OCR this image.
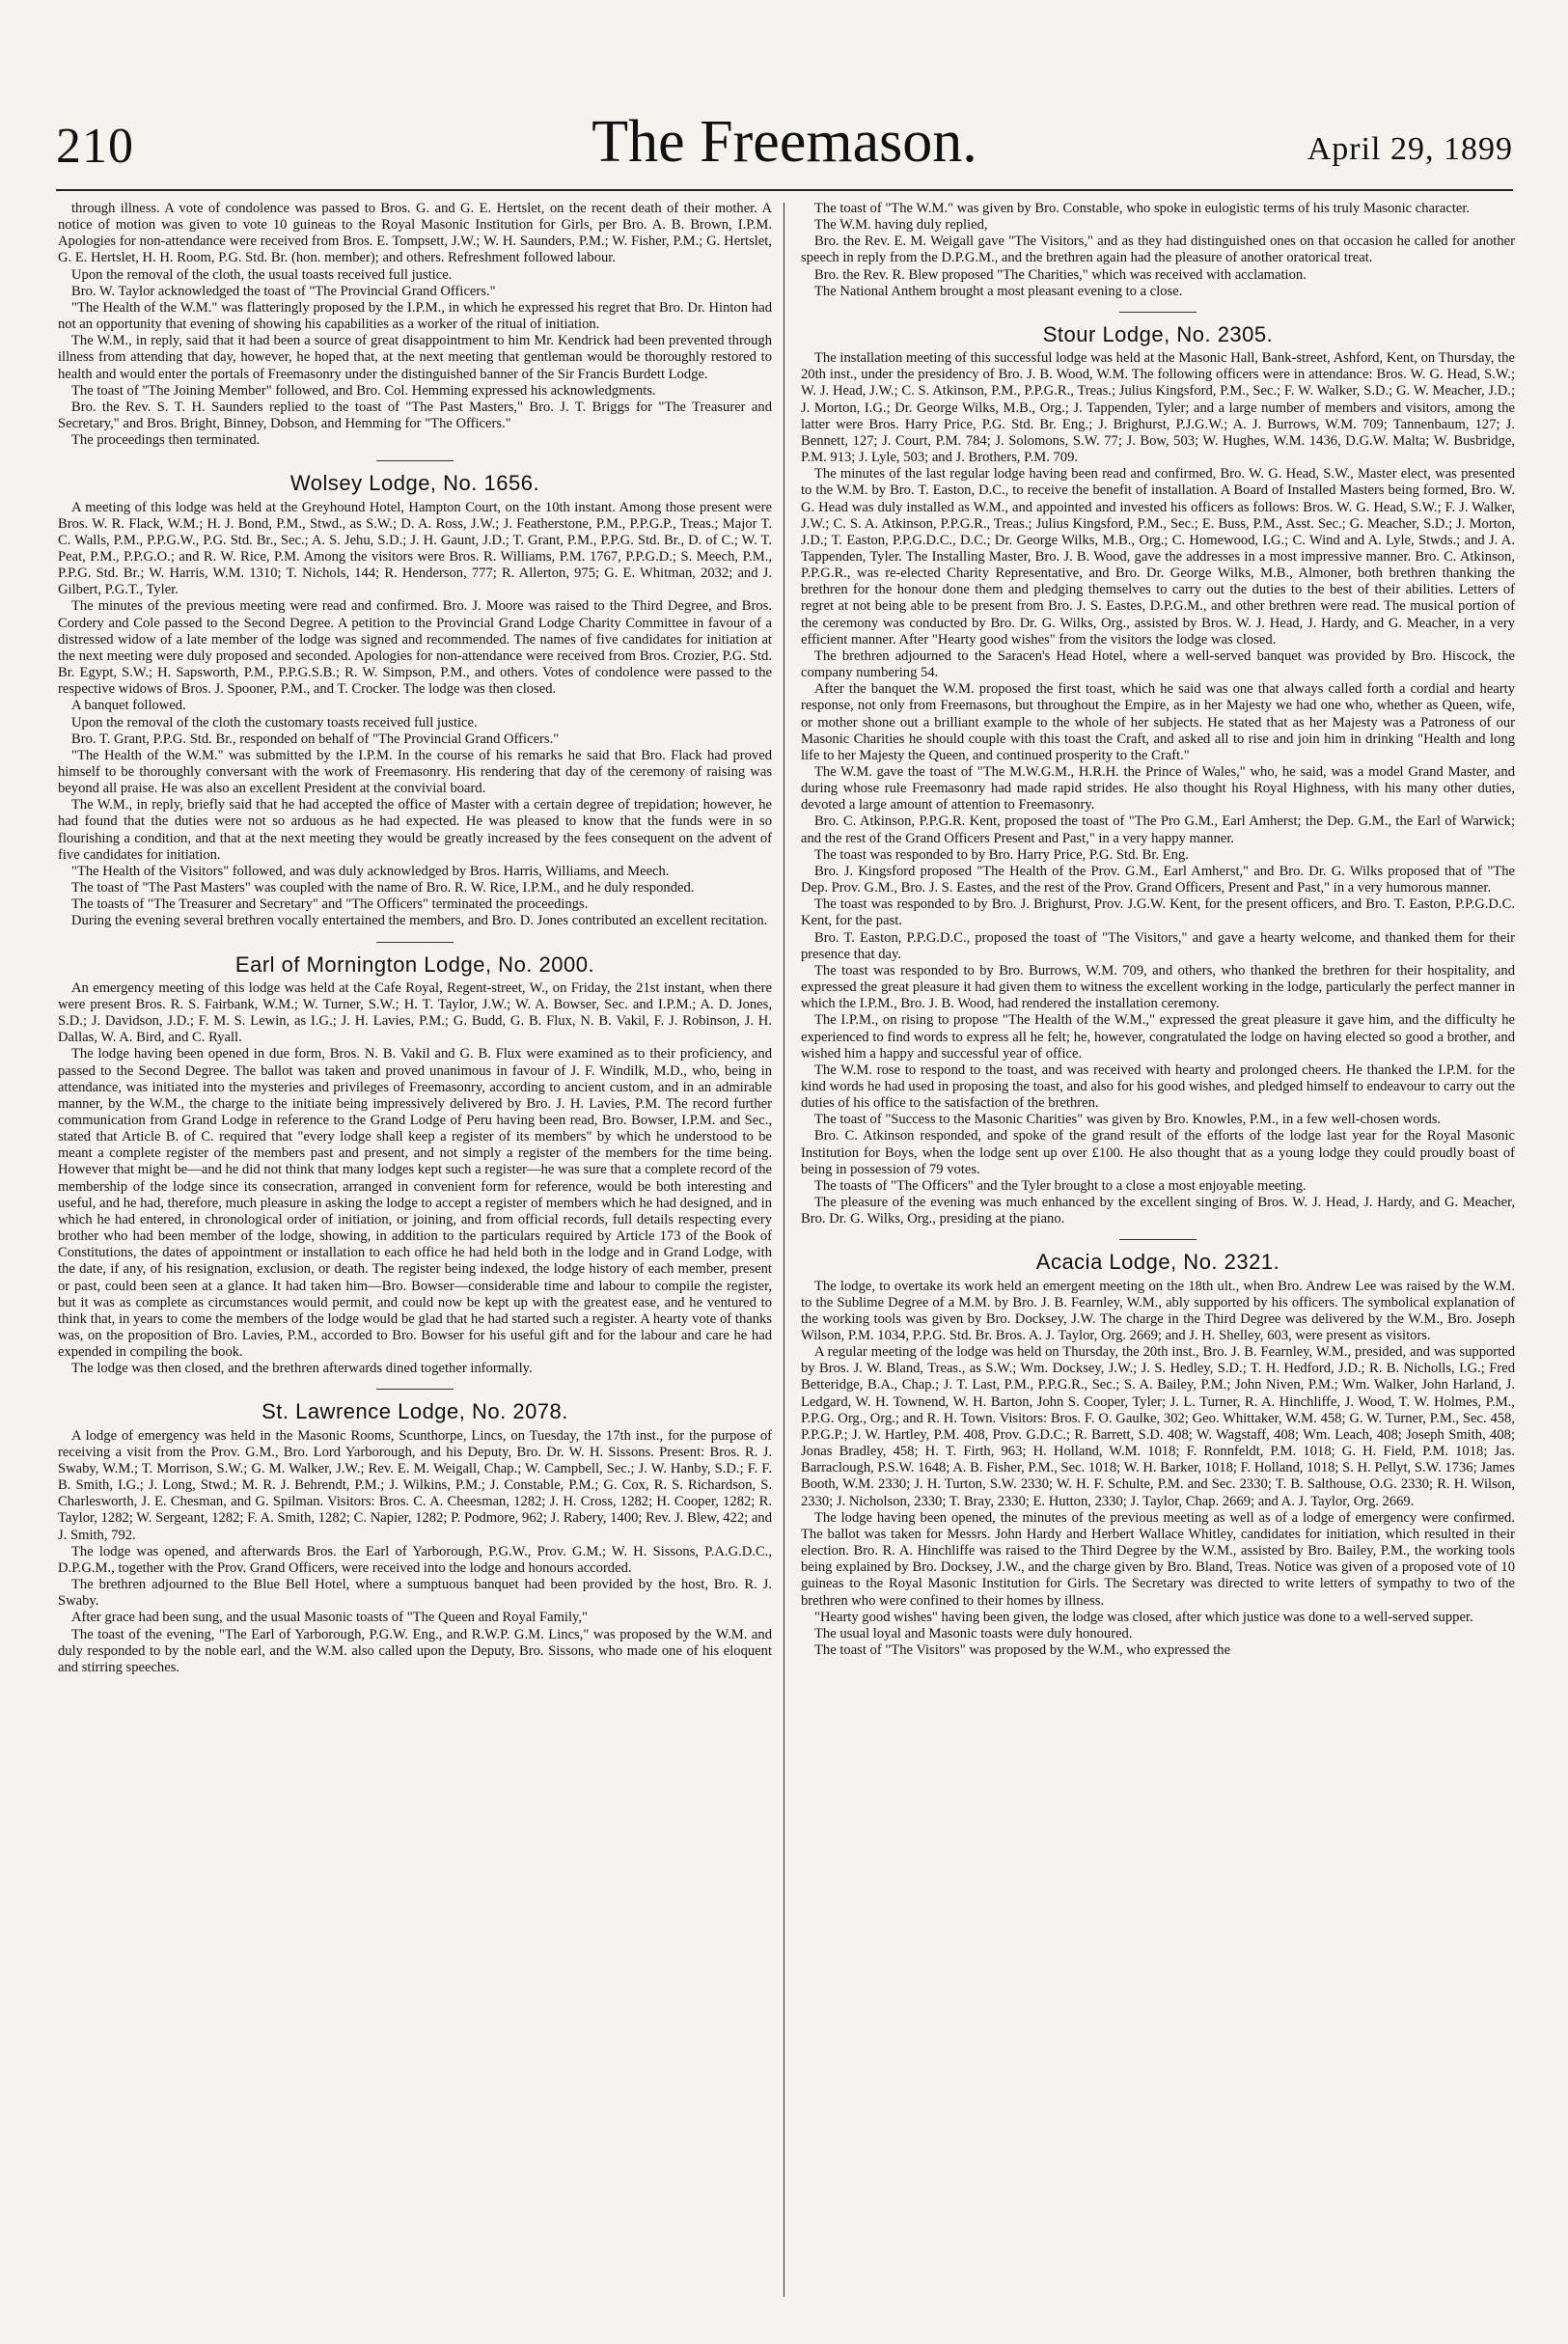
210	The Freemason.	April 29, 1899

through illness. A vote of condolence was passed to Bros. G. and G. E. Hertslet, on the recent death of their mother. A notice of motion was given to vote 10 guineas to the Royal Masonic Institution for Girls, per Bro. A. B. Brown, I.P.M. Apologies for non-attendance were received from Bros. E. Tompsett, J.W.; W. H. Saunders, P.M.; W. Fisher, P.M.; G. Hertslet, G. E. Hertslet, H. H. Room, P.G. Std. Br. (hon. member); and others. Refreshment followed labour.

Upon the removal of the cloth, the usual toasts received full justice.

Bro. W. Taylor acknowledged the toast of "The Provincial Grand Officers."

"The Health of the W.M." was flatteringly proposed by the I.P.M., in which he expressed his regret that Bro. Dr. Hinton had not an opportunity that evening of showing his capabilities as a worker of the ritual of initiation.

The W.M., in reply, said that it had been a source of great disappointment to him Mr. Kendrick had been prevented through illness from attending that day, however, he hoped that, at the next meeting that gentleman would be thoroughly restored to health and would enter the portals of Freemasonry under the distinguished banner of the Sir Francis Burdett Lodge.

The toast of "The Joining Member" followed, and Bro. Col. Hemming expressed his acknowledgments.

Bro. the Rev. S. T. H. Saunders replied to the toast of "The Past Masters," Bro. J. T. Briggs for "The Treasurer and Secretary," and Bros. Bright, Binney, Dobson, and Hemming for "The Officers."

The proceedings then terminated.

Wolsey Lodge, No. 1656.

A meeting of this lodge was held at the Greyhound Hotel, Hampton Court, on the 10th instant. Among those present were Bros. W. R. Flack, W.M.; H. J. Bond, P.M., Stwd., as S.W.; D. A. Ross, J.W.; J. Featherstone, P.M., P.P.G.P., Treas.; Major T. C. Walls, P.M., P.P.G.W., P.G. Std. Br., Sec.; A. S. Jehu, S.D.; J. H. Gaunt, J.D.; T. Grant, P.M., P.P.G. Std. Br., D. of C.; W. T. Peat, P.M., P.P.G.O.; and R. W. Rice, P.M. Among the visitors were Bros. R. Williams, P.M. 1767, P.P.G.D.; S. Meech, P.M., P.P.G. Std. Br.; W. Harris, W.M. 1310; T. Nichols, 144; R. Henderson, 777; R. Allerton, 975; G. E. Whitman, 2032; and J. Gilbert, P.G.T., Tyler.

The minutes of the previous meeting were read and confirmed. Bro. J. Moore was raised to the Third Degree, and Bros. Cordery and Cole passed to the Second Degree. A petition to the Provincial Grand Lodge Charity Committee in favour of a distressed widow of a late member of the lodge was signed and recommended. The names of five candidates for initiation at the next meeting were duly proposed and seconded. Apologies for non-attendance were received from Bros. Crozier, P.G. Std. Br. Egypt, S.W.; H. Sapsworth, P.M., P.P.G.S.B.; R. W. Simpson, P.M., and others. Votes of condolence were passed to the respective widows of Bros. J. Spooner, P.M., and T. Crocker. The lodge was then closed.

A banquet followed.

Upon the removal of the cloth the customary toasts received full justice.

Bro. T. Grant, P.P.G. Std. Br., responded on behalf of "The Provincial Grand Officers."

"The Health of the W.M." was submitted by the I.P.M. In the course of his remarks he said that Bro. Flack had proved himself to be thoroughly conversant with the work of Freemasonry. His rendering that day of the ceremony of raising was beyond all praise. He was also an excellent President at the convivial board.

The W.M., in reply, briefly said that he had accepted the office of Master with a certain degree of trepidation; however, he had found that the duties were not so arduous as he had expected. He was pleased to know that the funds were in so flourishing a condition, and that at the next meeting they would be greatly increased by the fees consequent on the advent of five candidates for initiation.

"The Health of the Visitors" followed, and was duly acknowledged by Bros. Harris, Williams, and Meech.

The toast of "The Past Masters" was coupled with the name of Bro. R. W. Rice, I.P.M., and he duly responded.

The toasts of "The Treasurer and Secretary" and "The Officers" terminated the proceedings.

During the evening several brethren vocally entertained the members, and Bro. D. Jones contributed an excellent recitation.

Earl of Mornington Lodge, No. 2000.

An emergency meeting of this lodge was held at the Cafe Royal, Regent-street, W., on Friday, the 21st instant, when there were present Bros. R. S. Fairbank, W.M.; W. Turner, S.W.; H. T. Taylor, J.W.; W. A. Bowser, Sec. and I.P.M.; A. D. Jones, S.D.; J. Davidson, J.D.; F. M. S. Lewin, as I.G.; J. H. Lavies, P.M.; G. Budd, G. B. Flux, N. B. Vakil, F. J. Robinson, J. H. Dallas, W. A. Bird, and C. Ryall.

The lodge having been opened in due form, Bros. N. B. Vakil and G. B. Flux were examined as to their proficiency, and passed to the Second Degree. The ballot was taken and proved unanimous in favour of J. F. Windilk, M.D., who, being in attendance, was initiated into the mysteries and privileges of Freemasonry, according to ancient custom, and in an admirable manner, by the W.M., the charge to the initiate being impressively delivered by Bro. J. H. Lavies, P.M. The record further communication from Grand Lodge in reference to the Grand Lodge of Peru having been read, Bro. Bowser, I.P.M. and Sec., stated that Article B. of C. required that "every lodge shall keep a register of its members" by which he understood to be meant a complete register of the members past and present, and not simply a register of the members for the time being. However that might be—and he did not think that many lodges kept such a register—he was sure that a complete record of the membership of the lodge since its consecration, arranged in convenient form for reference, would be both interesting and useful, and he had, therefore, much pleasure in asking the lodge to accept a register of members which he had designed, and in which he had entered, in chronological order of initiation, or joining, and from official records, full details respecting every brother who had been member of the lodge, showing, in addition to the particulars required by Article 173 of the Book of Constitutions, the dates of appointment or installation to each office he had held both in the lodge and in Grand Lodge, with the date, if any, of his resignation, exclusion, or death. The register being indexed, the lodge history of each member, present or past, could been seen at a glance. It had taken him—Bro. Bowser—considerable time and labour to compile the register, but it was as complete as circumstances would permit, and could now be kept up with the greatest ease, and he ventured to think that, in years to come the members of the lodge would be glad that he had started such a register. A hearty vote of thanks was, on the proposition of Bro. Lavies, P.M., accorded to Bro. Bowser for his useful gift and for the labour and care he had expended in compiling the book.

The lodge was then closed, and the brethren afterwards dined together informally.

St. Lawrence Lodge, No. 2078.

A lodge of emergency was held in the Masonic Rooms, Scunthorpe, Lincs, on Tuesday, the 17th inst., for the purpose of receiving a visit from the Prov. G.M., Bro. Lord Yarborough, and his Deputy, Bro. Dr. W. H. Sissons. Present: Bros. R. J. Swaby, W.M.; T. Morrison, S.W.; G. M. Walker, J.W.; Rev. E. M. Weigall, Chap.; W. Campbell, Sec.; J. W. Hanby, S.D.; F. F. B. Smith, I.G.; J. Long, Stwd.; M. R. J. Behrendt, P.M.; J. Wilkins, P.M.; J. Constable, P.M.; G. Cox, R. S. Richardson, S. Charlesworth, J. E. Chesman, and G. Spilman. Visitors: Bros. C. A. Cheesman, 1282; J. H. Cross, 1282; H. Cooper, 1282; R. Taylor, 1282; W. Sergeant, 1282; F. A. Smith, 1282; C. Napier, 1282; P. Podmore, 962; J. Rabery, 1400; Rev. J. Blew, 422; and J. Smith, 792.

The lodge was opened, and afterwards Bros. the Earl of Yarborough, P.G.W., Prov. G.M.; W. H. Sissons, P.A.G.D.C., D.P.G.M., together with the Prov. Grand Officers, were received into the lodge and honours accorded.

The brethren adjourned to the Blue Bell Hotel, where a sumptuous banquet had been provided by the host, Bro. R. J. Swaby.

After grace had been sung, and the usual Masonic toasts of "The Queen and Royal Family,"

The toast of the evening, "The Earl of Yarborough, P.G.W. Eng., and R.W.P. G.M. Lincs," was proposed by the W.M. and duly responded to by the noble earl, and the W.M. also called upon the Deputy, Bro. Sissons, who made one of his eloquent and stirring speeches.

The toast of "The W.M." was given by Bro. Constable, who spoke in eulogistic terms of his truly Masonic character.

The W.M. having duly replied,

Bro. the Rev. E. M. Weigall gave "The Visitors," and as they had distinguished ones on that occasion he called for another speech in reply from the D.P.G.M., and the brethren again had the pleasure of another oratorical treat.

Bro. the Rev. R. Blew proposed "The Charities," which was received with acclamation.

The National Anthem brought a most pleasant evening to a close.

Stour Lodge, No. 2305.

The installation meeting of this successful lodge was held at the Masonic Hall, Bank-street, Ashford, Kent, on Thursday, the 20th inst., under the presidency of Bro. J. B. Wood, W.M. The following officers were in attendance: Bros. W. G. Head, S.W.; W. J. Head, J.W.; C. S. Atkinson, P.M., P.P.G.R., Treas.; Julius Kingsford, P.M., Sec.; F. W. Walker, S.D.; G. W. Meacher, J.D.; J. Morton, I.G.; Dr. George Wilks, M.B., Org.; J. Tappenden, Tyler; and a large number of members and visitors, among the latter were Bros. Harry Price, P.G. Std. Br. Eng.; J. Brighurst, P.J.G.W.; A. J. Burrows, W.M. 709; Tannenbaum, 127; J. Bennett, 127; J. Court, P.M. 784; J. Solomons, S.W. 77; J. Bow, 503; W. Hughes, W.M. 1436, D.G.W. Malta; W. Busbridge, P.M. 913; J. Lyle, 503; and J. Brothers, P.M. 709.

The minutes of the last regular lodge having been read and confirmed, Bro. W. G. Head, S.W., Master elect, was presented to the W.M. by Bro. T. Easton, D.C., to receive the benefit of installation. A Board of Installed Masters being formed, Bro. W. G. Head was duly installed as W.M., and appointed and invested his officers as follows: Bros. W. G. Head, S.W.; F. J. Walker, J.W.; C. S. A. Atkinson, P.P.G.R., Treas.; Julius Kingsford, P.M., Sec.; E. Buss, P.M., Asst. Sec.; G. Meacher, S.D.; J. Morton, J.D.; T. Easton, P.P.G.D.C., D.C.; Dr. George Wilks, M.B., Org.; C. Homewood, I.G.; C. Wind and A. Lyle, Stwds.; and J. A. Tappenden, Tyler. The Installing Master, Bro. J. B. Wood, gave the addresses in a most impressive manner. Bro. C. Atkinson, P.P.G.R., was re-elected Charity Representative, and Bro. Dr. George Wilks, M.B., Almoner, both brethren thanking the brethren for the honour done them and pledging themselves to carry out the duties to the best of their abilities. Letters of regret at not being able to be present from Bro. J. S. Eastes, D.P.G.M., and other brethren were read. The musical portion of the ceremony was conducted by Bro. Dr. G. Wilks, Org., assisted by Bros. W. J. Head, J. Hardy, and G. Meacher, in a very efficient manner. After "Hearty good wishes" from the visitors the lodge was closed.

The brethren adjourned to the Saracen's Head Hotel, where a well-served banquet was provided by Bro. Hiscock, the company numbering 54.

After the banquet the W.M. proposed the first toast, which he said was one that always called forth a cordial and hearty response, not only from Freemasons, but throughout the Empire, as in her Majesty we had one who, whether as Queen, wife, or mother shone out a brilliant example to the whole of her subjects. He stated that as her Majesty was a Patroness of our Masonic Charities he should couple with this toast the Craft, and asked all to rise and join him in drinking "Health and long life to her Majesty the Queen, and continued prosperity to the Craft."

The W.M. gave the toast of "The M.W.G.M., H.R.H. the Prince of Wales," who, he said, was a model Grand Master, and during whose rule Freemasonry had made rapid strides. He also thought his Royal Highness, with his many other duties, devoted a large amount of attention to Freemasonry.

Bro. C. Atkinson, P.P.G.R. Kent, proposed the toast of "The Pro G.M., Earl Amherst; the Dep. G.M., the Earl of Warwick; and the rest of the Grand Officers Present and Past," in a very happy manner.

The toast was responded to by Bro. Harry Price, P.G. Std. Br. Eng.

Bro. J. Kingsford proposed "The Health of the Prov. G.M., Earl Amherst," and Bro. Dr. G. Wilks proposed that of "The Dep. Prov. G.M., Bro. J. S. Eastes, and the rest of the Prov. Grand Officers, Present and Past," in a very humorous manner.

The toast was responded to by Bro. J. Brighurst, Prov. J.G.W. Kent, for the present officers, and Bro. T. Easton, P.P.G.D.C. Kent, for the past.

Bro. T. Easton, P.P.G.D.C., proposed the toast of "The Visitors," and gave a hearty welcome, and thanked them for their presence that day.

The toast was responded to by Bro. Burrows, W.M. 709, and others, who thanked the brethren for their hospitality, and expressed the great pleasure it had given them to witness the excellent working in the lodge, particularly the perfect manner in which the I.P.M., Bro. J. B. Wood, had rendered the installation ceremony.

The I.P.M., on rising to propose "The Health of the W.M.," expressed the great pleasure it gave him, and the difficulty he experienced to find words to express all he felt; he, however, congratulated the lodge on having elected so good a brother, and wished him a happy and successful year of office.

The W.M. rose to respond to the toast, and was received with hearty and prolonged cheers. He thanked the I.P.M. for the kind words he had used in proposing the toast, and also for his good wishes, and pledged himself to endeavour to carry out the duties of his office to the satisfaction of the brethren.

The toast of "Success to the Masonic Charities" was given by Bro. Knowles, P.M., in a few well-chosen words.

Bro. C. Atkinson responded, and spoke of the grand result of the efforts of the lodge last year for the Royal Masonic Institution for Boys, when the lodge sent up over £100. He also thought that as a young lodge they could proudly boast of being in possession of 79 votes.

The toasts of "The Officers" and the Tyler brought to a close a most enjoyable meeting.

The pleasure of the evening was much enhanced by the excellent singing of Bros. W. J. Head, J. Hardy, and G. Meacher, Bro. Dr. G. Wilks, Org., presiding at the piano.

Acacia Lodge, No. 2321.

The lodge, to overtake its work held an emergent meeting on the 18th ult., when Bro. Andrew Lee was raised by the W.M. to the Sublime Degree of a M.M. by Bro. J. B. Fearnley, W.M., ably supported by his officers. The symbolical explanation of the working tools was given by Bro. Docksey, J.W. The charge in the Third Degree was delivered by the W.M., Bro. Joseph Wilson, P.M. 1034, P.P.G. Std. Br. Bros. A. J. Taylor, Org. 2669; and J. H. Shelley, 603, were present as visitors.

A regular meeting of the lodge was held on Thursday, the 20th inst., Bro. J. B. Fearnley, W.M., presided, and was supported by Bros. J. W. Bland, Treas., as S.W.; Wm. Docksey, J.W.; J. S. Hedley, S.D.; T. H. Hedford, J.D.; R. B. Nicholls, I.G.; Fred Betteridge, B.A., Chap.; J. T. Last, P.M., P.P.G.R., Sec.; S. A. Bailey, P.M.; John Niven, P.M.; Wm. Walker, John Harland, J. Ledgard, W. H. Townend, W. H. Barton, John S. Cooper, Tyler; J. L. Turner, R. A. Hinchliffe, J. Wood, T. W. Holmes, P.M., P.P.G. Org., Org.; and R. H. Town. Visitors: Bros. F. O. Gaulke, 302; Geo. Whittaker, W.M. 458; G. W. Turner, P.M., Sec. 458, P.P.G.P.; J. W. Hartley, P.M. 408, Prov. G.D.C.; R. Barrett, S.D. 408; W. Wagstaff, 408; Wm. Leach, 408; Joseph Smith, 408; Jonas Bradley, 458; H. T. Firth, 963; H. Holland, W.M. 1018; F. Ronnfeldt, P.M. 1018; G. H. Field, P.M. 1018; Jas. Barraclough, P.S.W. 1648; A. B. Fisher, P.M., Sec. 1018; W. H. Barker, 1018; F. Holland, 1018; S. H. Pellyt, S.W. 1736; James Booth, W.M. 2330; J. H. Turton, S.W. 2330; W. H. F. Schulte, P.M. and Sec. 2330; T. B. Salthouse, O.G. 2330; R. H. Wilson, 2330; J. Nicholson, 2330; T. Bray, 2330; E. Hutton, 2330; J. Taylor, Chap. 2669; and A. J. Taylor, Org. 2669.

The lodge having been opened, the minutes of the previous meeting as well as of a lodge of emergency were confirmed. The ballot was taken for Messrs. John Hardy and Herbert Wallace Whitley, candidates for initiation, which resulted in their election. Bro. R. A. Hinchliffe was raised to the Third Degree by the W.M., assisted by Bro. Bailey, P.M., the working tools being explained by Bro. Docksey, J.W., and the charge given by Bro. Bland, Treas. Notice was given of a proposed vote of 10 guineas to the Royal Masonic Institution for Girls. The Secretary was directed to write letters of sympathy to two of the brethren who were confined to their homes by illness.

"Hearty good wishes" having been given, the lodge was closed, after which justice was done to a well-served supper.

The usual loyal and Masonic toasts were duly honoured.

The toast of "The Visitors" was proposed by the W.M., who expressed the
